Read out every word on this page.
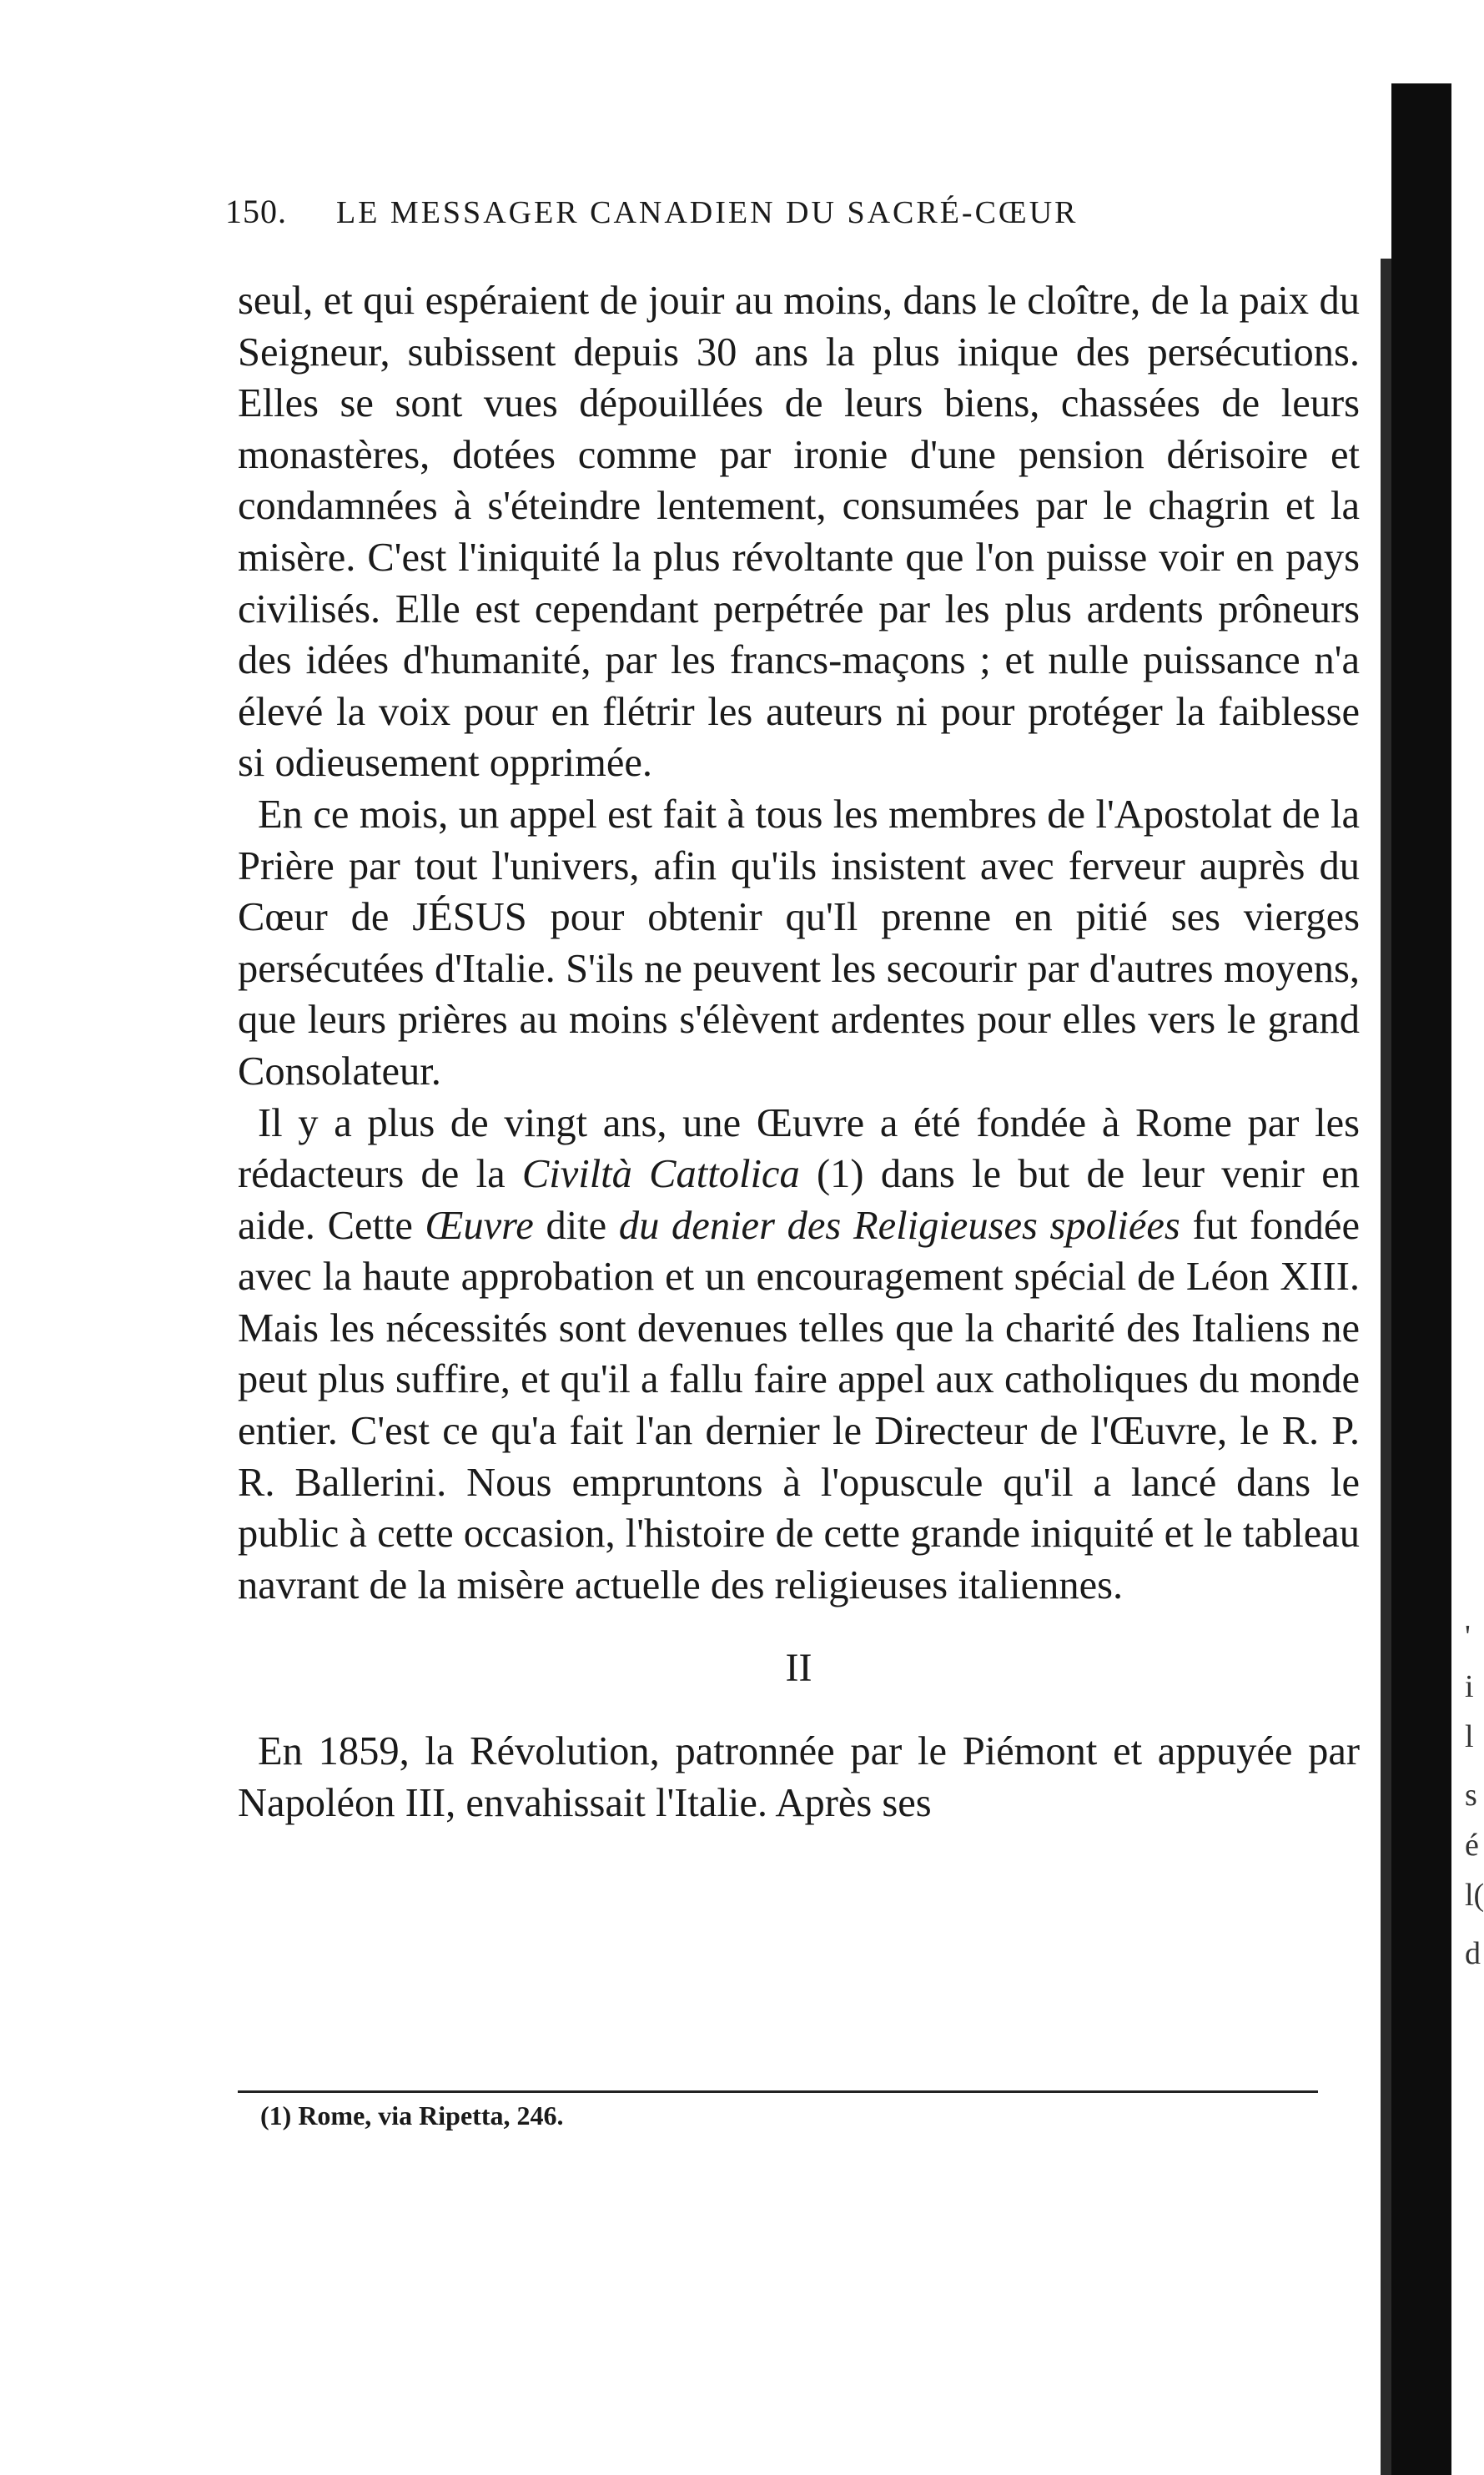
150. LE MESSAGER CANADIEN DU SACRÉ-CŒUR

seul, et qui espéraient de jouir au moins, dans le cloître, de la paix du Seigneur, subissent depuis 30 ans la plus inique des persécutions. Elles se sont vues dépouillées de leurs biens, chassées de leurs monastères, dotées comme par ironie d'une pension dérisoire et condamnées à s'éteindre lentement, consumées par le chagrin et la misère. C'est l'iniquité la plus révoltante que l'on puisse voir en pays civilisés. Elle est cependant perpétrée par les plus ardents prôneurs des idées d'humanité, par les francs-maçons ; et nulle puissance n'a élevé la voix pour en flétrir les auteurs ni pour protéger la faiblesse si odieusement opprimée.

En ce mois, un appel est fait à tous les membres de l'Apostolat de la Prière par tout l'univers, afin qu'ils insistent avec ferveur auprès du Cœur de JÉSUS pour obtenir qu'Il prenne en pitié ses vierges persécutées d'Italie. S'ils ne peuvent les secourir par d'autres moyens, que leurs prières au moins s'élèvent ardentes pour elles vers le grand Consolateur.

Il y a plus de vingt ans, une Œuvre a été fondée à Rome par les rédacteurs de la Civiltà Cattolica (1) dans le but de leur venir en aide. Cette Œuvre dite du denier des Religieuses spoliées fut fondée avec la haute approbation et un encouragement spécial de Léon XIII. Mais les nécessités sont devenues telles que la charité des Italiens ne peut plus suffire, et qu'il a fallu faire appel aux catholiques du monde entier. C'est ce qu'a fait l'an dernier le Directeur de l'Œuvre, le R. P. R. Ballerini. Nous empruntons à l'opuscule qu'il a lancé dans le public à cette occasion, l'histoire de cette grande iniquité et le tableau navrant de la misère actuelle des religieuses italiennes.

II

En 1859, la Révolution, patronnée par le Piémont et appuyée par Napoléon III, envahissait l'Italie. Après ses

(1) Rome, via Ripetta, 246.
'
i
l
s
é
l(
d
